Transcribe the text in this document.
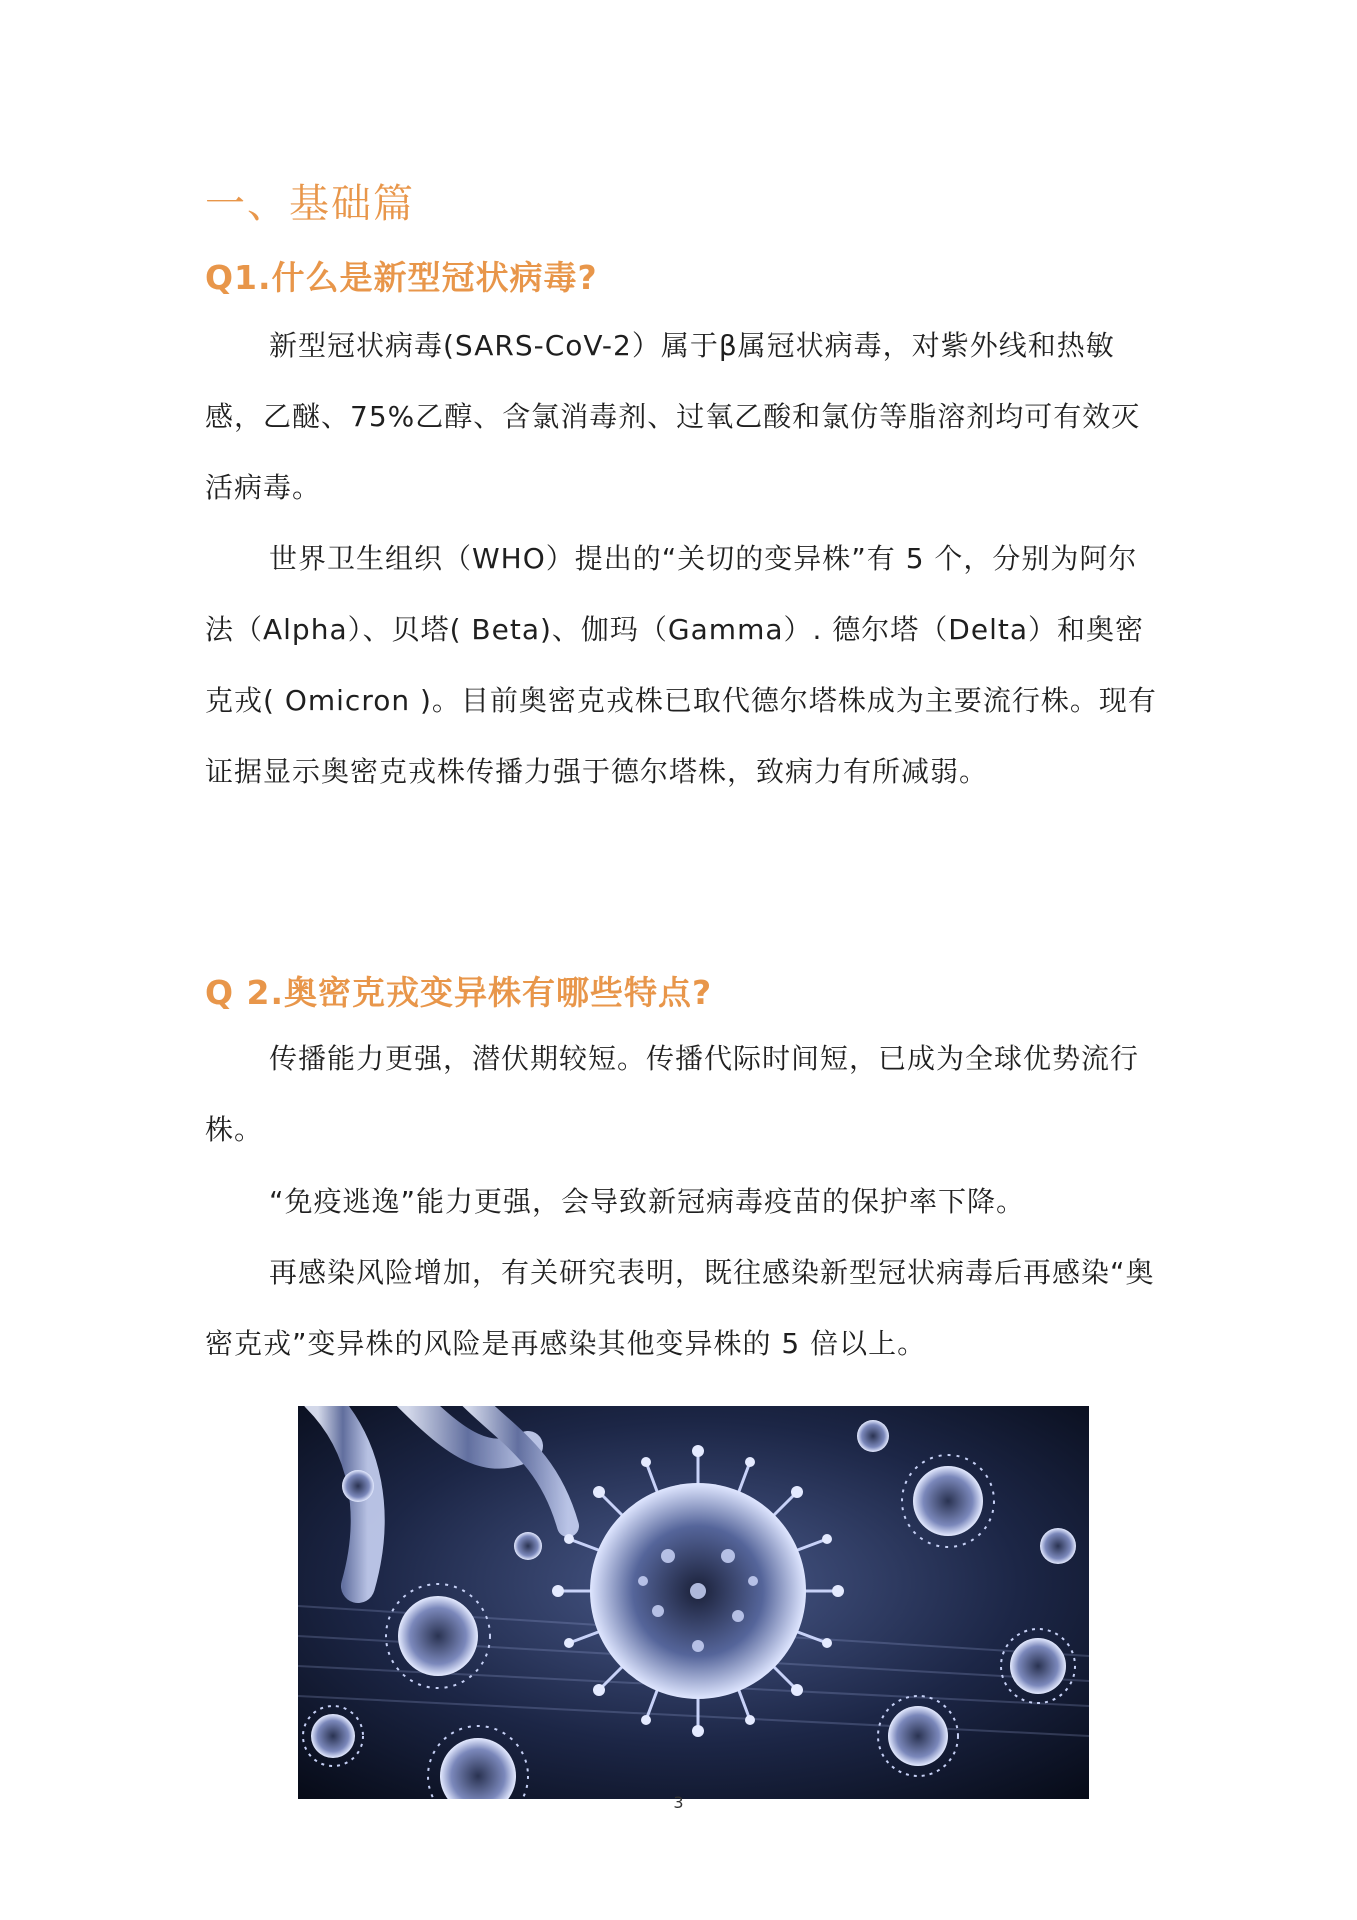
一、基础篇
Q1.什么是新型冠状病毒?

新型冠状病毒(SARS-CoV-2）属于β属冠状病毒，对紫外线和热敏感，乙醚、75%乙醇、含氯消毒剂、过氧乙酸和氯仿等脂溶剂均可有效灭活病毒。

世界卫生组织（WHO）提出的“关切的变异株”有 5 个，分别为阿尔法（Alpha）、贝塔( Beta)、伽玛（Gamma）. 德尔塔（Delta）和奥密克戎( Omicron )。目前奥密克戎株已取代德尔塔株成为主要流行株。现有证据显示奥密克戎株传播力强于德尔塔株，致病力有所减弱。

Q 2.奥密克戎变异株有哪些特点?

传播能力更强，潜伏期较短。传播代际时间短，已成为全球优势流行株。

“免疫逃逸”能力更强，会导致新冠病毒疫苗的保护率下降。

再感染风险增加，有关研究表明，既往感染新型冠状病毒后再感染“奥密克戎”变异株的风险是再感染其他变异株的 5 倍以上。

3
